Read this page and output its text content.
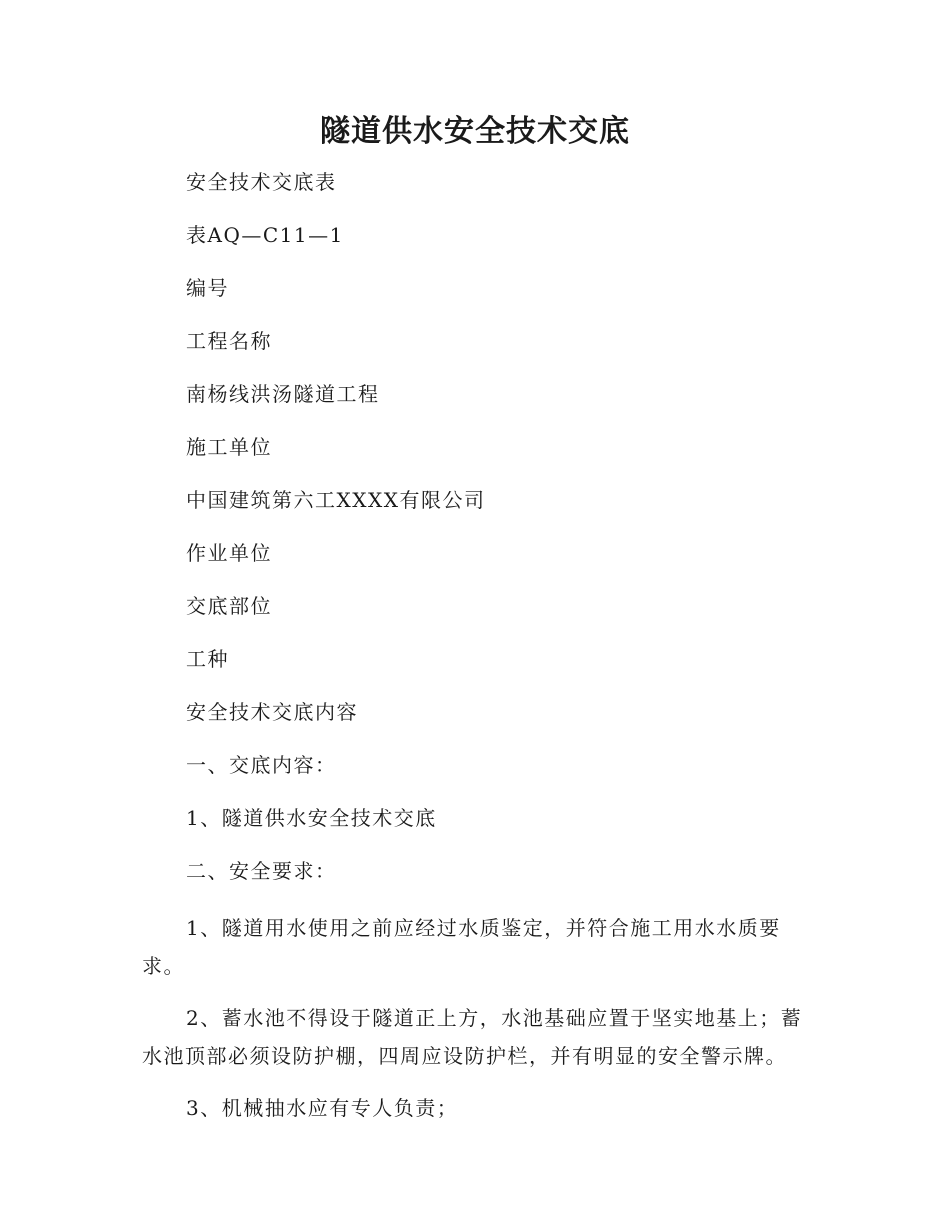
隧道供水安全技术交底
安全技术交底表
表AQ—C11—1
编号
工程名称
南杨线洪汤隧道工程
施工单位
中国建筑第六工XXXX有限公司
作业单位
交底部位
工种
安全技术交底内容
一、交底内容：
1、隧道供水安全技术交底
二、安全要求：

1、隧道用水使用之前应经过水质鉴定，并符合施工用水水质要求。

2、蓄水池不得设于隧道正上方，水池基础应置于坚实地基上；蓄水池顶部必须设防护棚，四周应设防护栏，并有明显的安全警示牌。

3、机械抽水应有专人负责；
